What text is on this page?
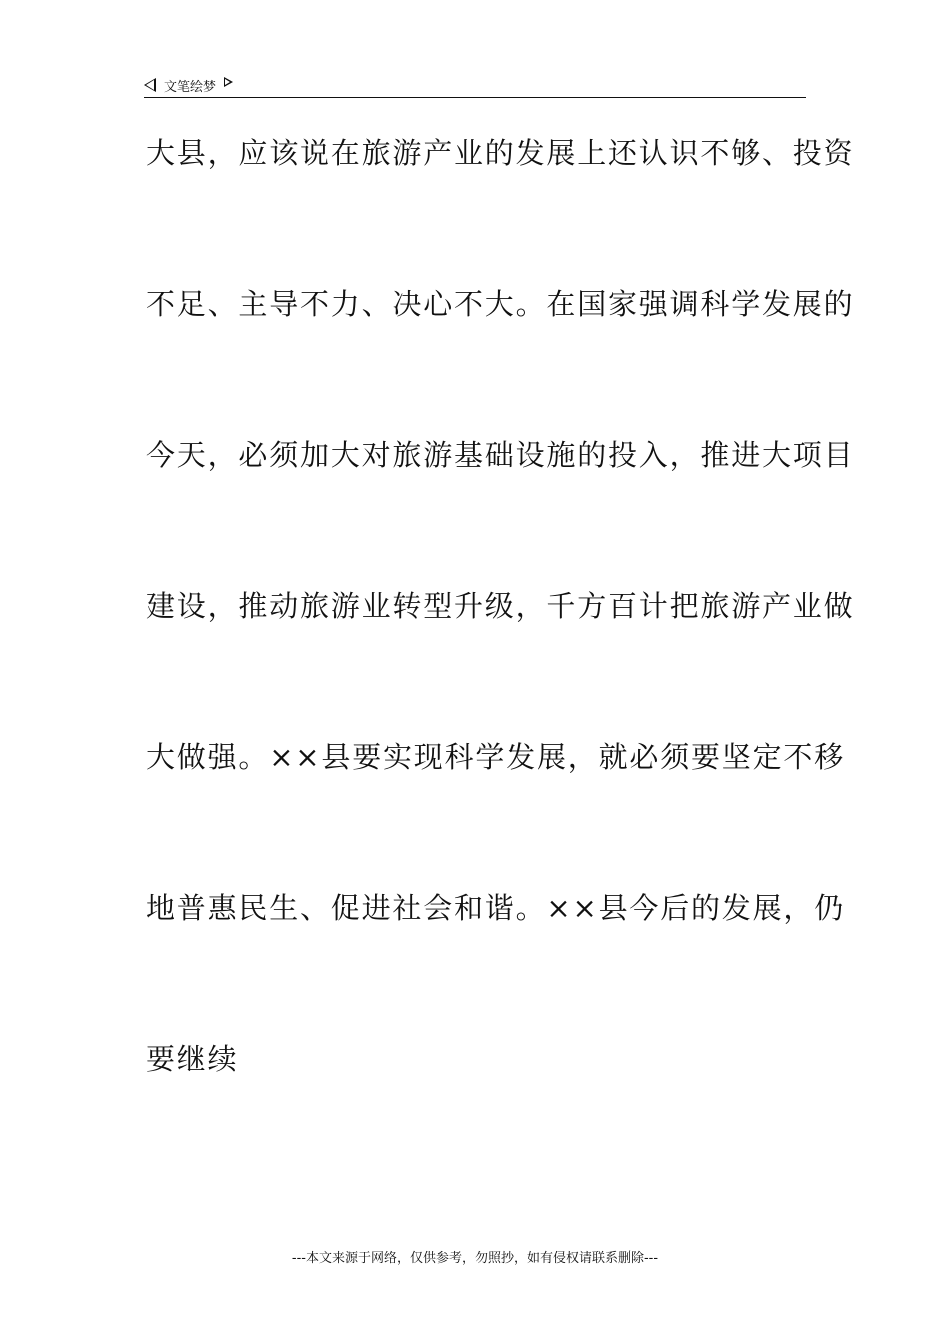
文笔绘梦
大县，应该说在旅游产业的发展上还认识不够、投资
不足、主导不力、决心不大。在国家强调科学发展的
今天，必须加大对旅游基础设施的投入，推进大项目
建设，推动旅游业转型升级，千方百计把旅游产业做
大做强。××县要实现科学发展，就必须要坚定不移
地普惠民生、促进社会和谐。××县今后的发展，仍
要继续
---本文来源于网络，仅供参考，勿照抄，如有侵权请联系删除---
